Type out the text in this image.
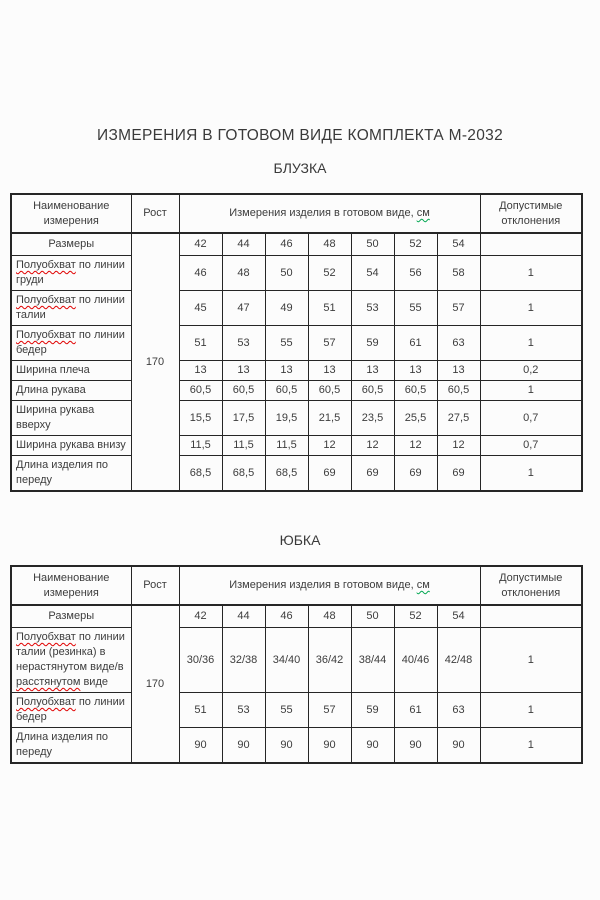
ИЗМЕРЕНИЯ В ГОТОВОМ ВИДЕ КОМПЛЕКТА М-2032
БЛУЗКА
Наименование измерения	Рост	Измерения изделия в готовом виде, см							Допустимые отклонения
Размеры	170	42	44	46	48	50	52	54	
Полуобхват по линии груди		46	48	50	52	54	56	58	1
Полуобхват по линии талии		45	47	49	51	53	55	57	1
Полуобхват по линии бедер		51	53	55	57	59	61	63	1
Ширина плеча		13	13	13	13	13	13	13	0,2
Длина рукава		60,5	60,5	60,5	60,5	60,5	60,5	60,5	1
Ширина рукава вверху		15,5	17,5	19,5	21,5	23,5	25,5	27,5	0,7
Ширина рукава внизу		11,5	11,5	11,5	12	12	12	12	0,7
Длина изделия по переду		68,5	68,5	68,5	69	69	69	69	1
ЮБКА
Наименование измерения	Рост	Измерения изделия в готовом виде, см							Допустимые отклонения
Размеры	170	42	44	46	48	50	52	54	
Полуобхват по линии талии (резинка) в нерастянутом виде/в расстянутом виде		30/36	32/38	34/40	36/42	38/44	40/46	42/48	1
Полуобхват по линии бедер		51	53	55	57	59	61	63	1
Длина изделия по переду		90	90	90	90	90	90	90	1
